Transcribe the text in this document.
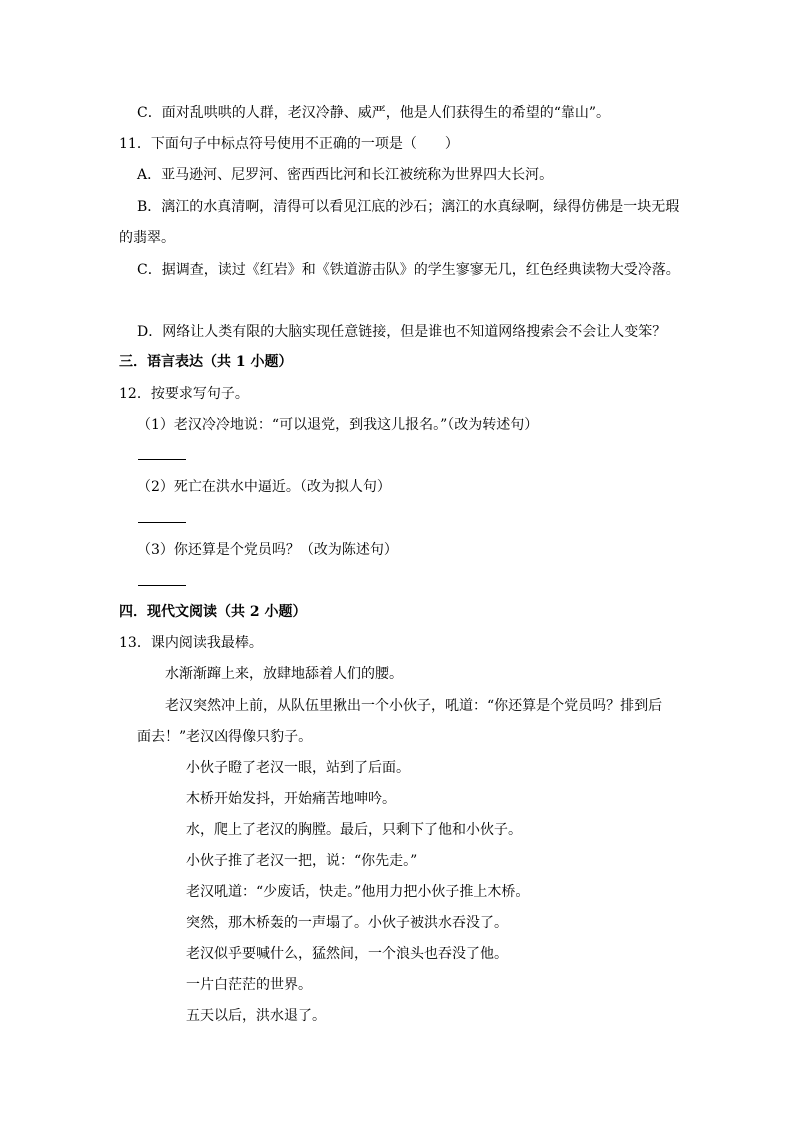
C．面对乱哄哄的人群，老汉冷静、威严，他是人们获得生的希望的“靠山”。
11．下面句子中标点符号使用不正确的一项是（　　）
A．亚马逊河、尼罗河、密西西比河和长江被统称为世界四大长河。
B．漓江的水真清啊，清得可以看见江底的沙石；漓江的水真绿啊，绿得仿佛是一块无瑕
的翡翠。
C．据调查，读过《红岩》和《铁道游击队》的学生寥寥无几，红色经典读物大受冷落。
D．网络让人类有限的大脑实现任意链接，但是谁也不知道网络搜索会不会让人变笨？
三．语言表达（共 1 小题）
12．按要求写句子。
（1）老汉冷冷地说：“可以退党，到我这儿报名。”（改为转述句）
（2）死亡在洪水中逼近。（改为拟人句）
（3）你还算是个党员吗？（改为陈述句）
四．现代文阅读（共 2 小题）
13．课内阅读我最棒。
水渐渐蹿上来，放肆地舔着人们的腰。
老汉突然冲上前，从队伍里揪出一个小伙子，吼道：“你还算是个党员吗？排到后
面去！”老汉凶得像只豹子。
小伙子瞪了老汉一眼，站到了后面。
木桥开始发抖，开始痛苦地呻吟。
水，爬上了老汉的胸膛。最后，只剩下了他和小伙子。
小伙子推了老汉一把，说：“你先走。”
老汉吼道：“少废话，快走。”他用力把小伙子推上木桥。
突然，那木桥轰的一声塌了。小伙子被洪水吞没了。
老汉似乎要喊什么，猛然间，一个浪头也吞没了他。
一片白茫茫的世界。
五天以后，洪水退了。
